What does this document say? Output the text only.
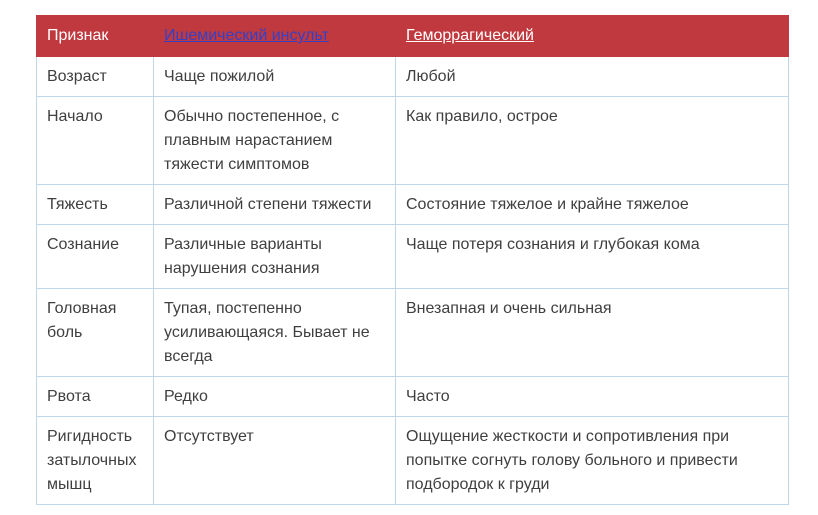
Признак	Ишемический инсульт	Геморрагический
Возраст	Чаще пожилой	Любой
Начало	Обычно постепенное, с плавным нарастанием тяжести симптомов	Как правило, острое
Тяжесть	Различной степени тяжести	Состояние тяжелое и крайне тяжелое
Сознание	Различные варианты нарушения сознания	Чаще потеря сознания и глубокая кома
Головная боль	Тупая, постепенно усиливающаяся. Бывает не всегда	Внезапная и очень сильная
Рвота	Редко	Часто
Ригидность затылочных мышц	Отсутствует	Ощущение жесткости и сопротивления при попытке согнуть голову больного и привести подбородок к груди
